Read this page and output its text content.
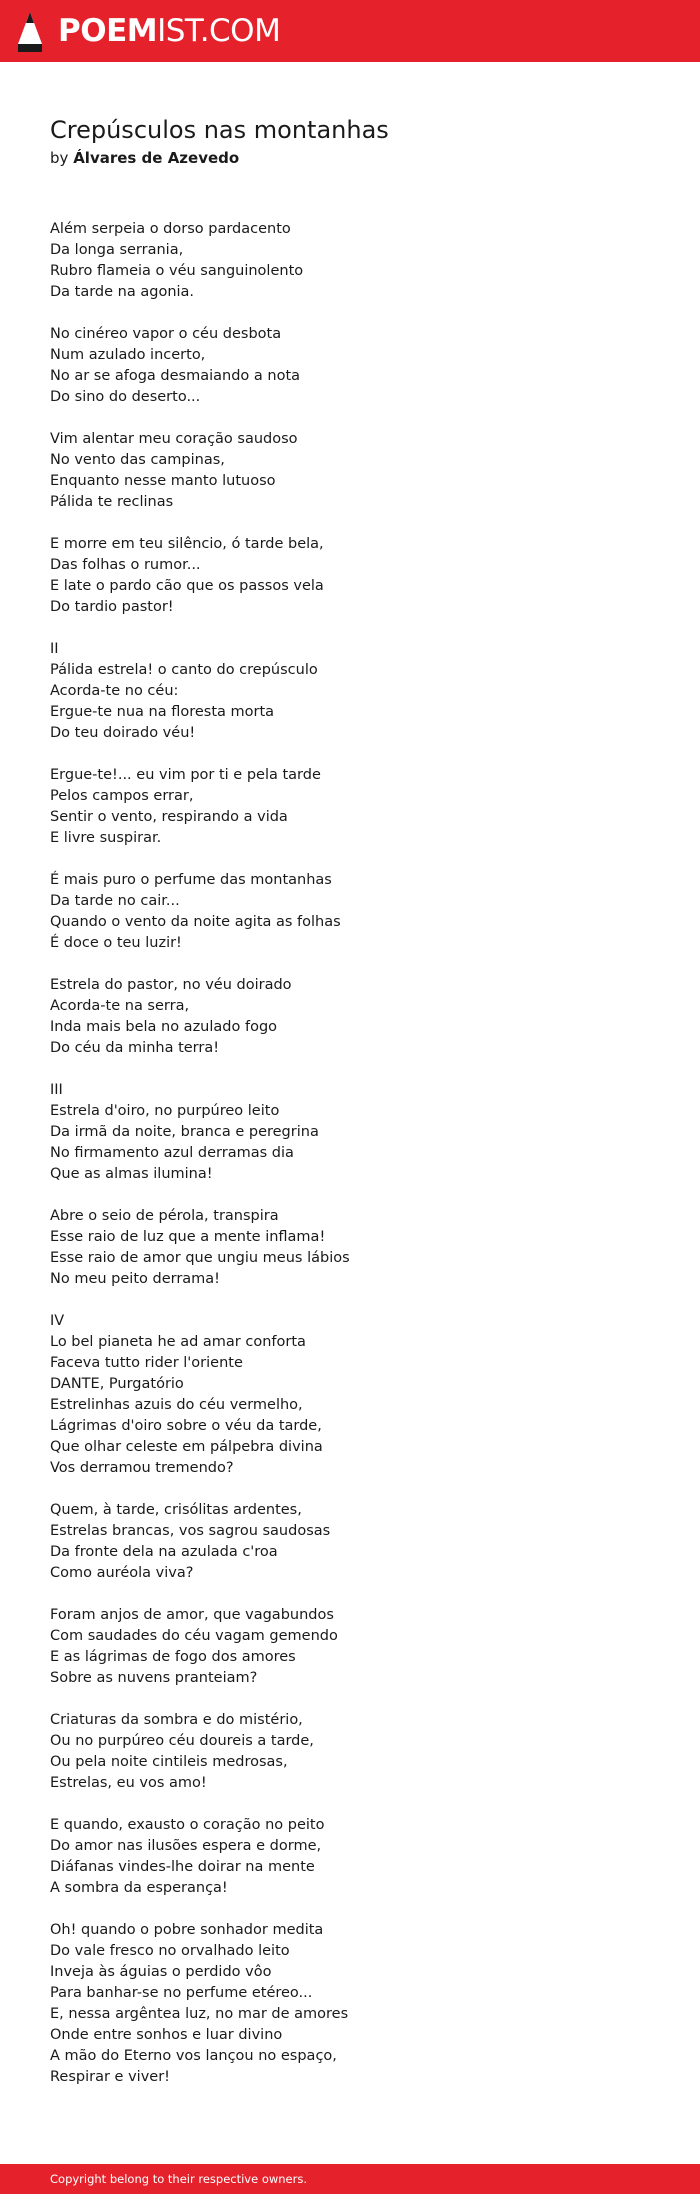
POEMIST.COM
Crepúsculos nas montanhas
by Álvares de Azevedo
Além serpeia o dorso pardacento
Da longa serrania,
Rubro flameia o véu sanguinolento
Da tarde na agonia.
No cinéreo vapor o céu desbota
Num azulado incerto,
No ar se afoga desmaiando a nota
Do sino do deserto...
Vim alentar meu coração saudoso
No vento das campinas,
Enquanto nesse manto lutuoso
Pálida te reclinas
E morre em teu silêncio, ó tarde bela,
Das folhas o rumor...
E late o pardo cão que os passos vela
Do tardio pastor!
II
Pálida estrela! o canto do crepúsculo
Acorda-te no céu:
Ergue-te nua na floresta morta
Do teu doirado véu!
Ergue-te!... eu vim por ti e pela tarde
Pelos campos errar,
Sentir o vento, respirando a vida
E livre suspirar.
É mais puro o perfume das montanhas
Da tarde no cair...
Quando o vento da noite agita as folhas
É doce o teu luzir!
Estrela do pastor, no véu doirado
Acorda-te na serra,
Inda mais bela no azulado fogo
Do céu da minha terra!
III
Estrela d'oiro, no purpúreo leito
Da irmã da noite, branca e peregrina
No firmamento azul derramas dia
Que as almas ilumina!
Abre o seio de pérola, transpira
Esse raio de luz que a mente inflama!
Esse raio de amor que ungiu meus lábios
No meu peito derrama!
IV
Lo bel pianeta he ad amar conforta
Faceva tutto rider l'oriente
DANTE, Purgatório
Estrelinhas azuis do céu vermelho,
Lágrimas d'oiro sobre o véu da tarde,
Que olhar celeste em pálpebra divina
Vos derramou tremendo?
Quem, à tarde, crisólitas ardentes,
Estrelas brancas, vos sagrou saudosas
Da fronte dela na azulada c'roa
Como auréola viva?
Foram anjos de amor, que vagabundos
Com saudades do céu vagam gemendo
E as lágrimas de fogo dos amores
Sobre as nuvens pranteiam?
Criaturas da sombra e do mistério,
Ou no purpúreo céu doureis a tarde,
Ou pela noite cintileis medrosas,
Estrelas, eu vos amo!
E quando, exausto o coração no peito
Do amor nas ilusões espera e dorme,
Diáfanas vindes-lhe doirar na mente
A sombra da esperança!
Oh! quando o pobre sonhador medita
Do vale fresco no orvalhado leito
Inveja às águias o perdido vôo
Para banhar-se no perfume etéreo...
E, nessa argêntea luz, no mar de amores
Onde entre sonhos e luar divino
A mão do Eterno vos lançou no espaço,
Respirar e viver!
Copyright belong to their respective owners.
